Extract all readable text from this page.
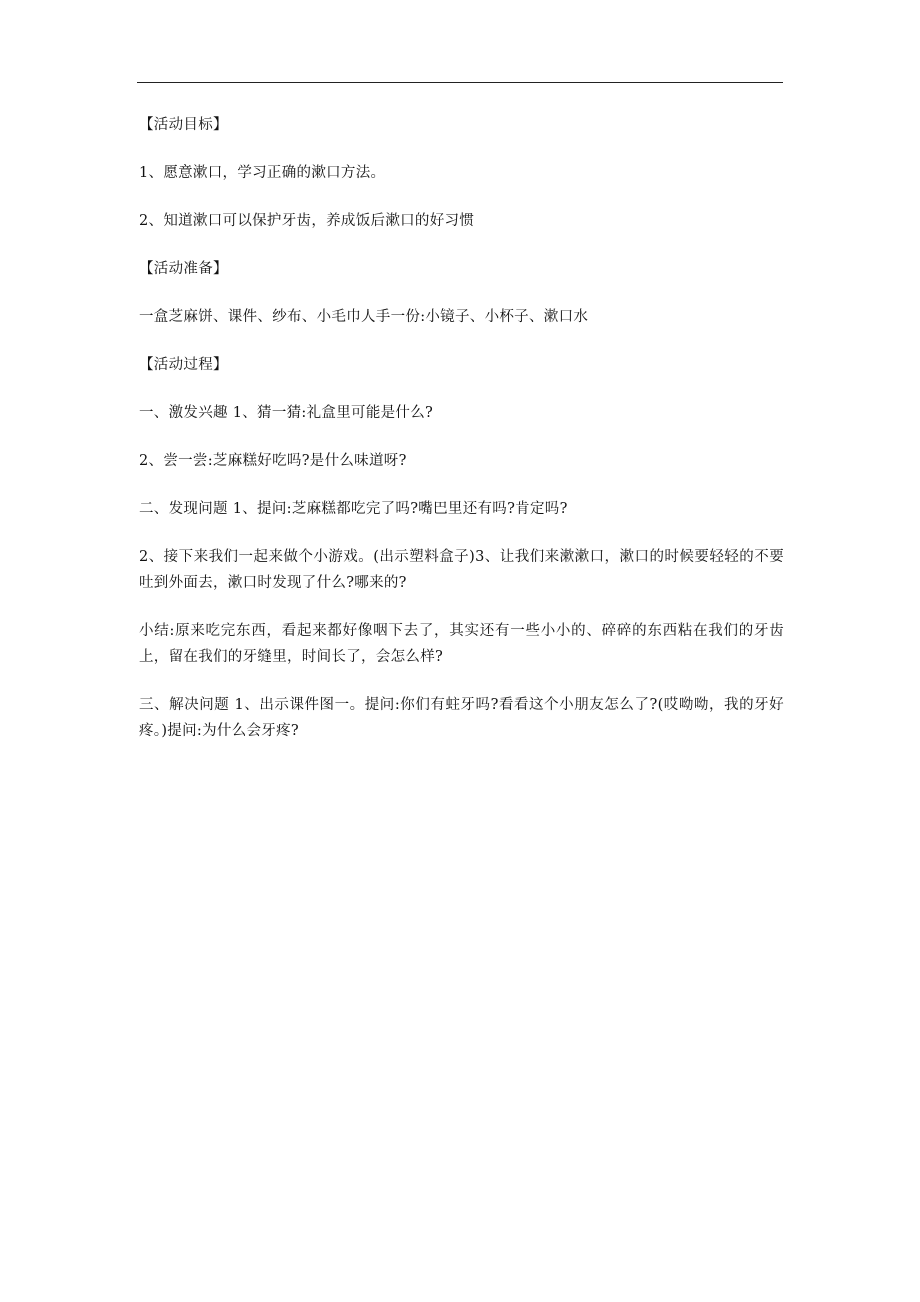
【活动目标】

1、愿意漱口，学习正确的漱口方法。

2、知道漱口可以保护牙齿，养成饭后漱口的好习惯

【活动准备】

一盒芝麻饼、课件、纱布、小毛巾人手一份:小镜子、小杯子、漱口水

【活动过程】

一、激发兴趣 1、猜一猜:礼盒里可能是什么?

2、尝一尝:芝麻糕好吃吗?是什么味道呀?

二、发现问题 1、提问:芝麻糕都吃完了吗?嘴巴里还有吗?肯定吗?

2、接下来我们一起来做个小游戏。(出示塑料盒子)3、让我们来漱漱口，漱口的时候要轻轻的不要吐到外面去，漱口时发现了什么?哪来的?

小结:原来吃完东西，看起来都好像咽下去了，其实还有一些小小的、碎碎的东西粘在我们的牙齿上，留在我们的牙缝里，时间长了，会怎么样?

三、解决问题 1、出示课件图一。提问:你们有蛀牙吗?看看这个小朋友怎么了?(哎呦呦，我的牙好疼。)提问:为什么会牙疼?
